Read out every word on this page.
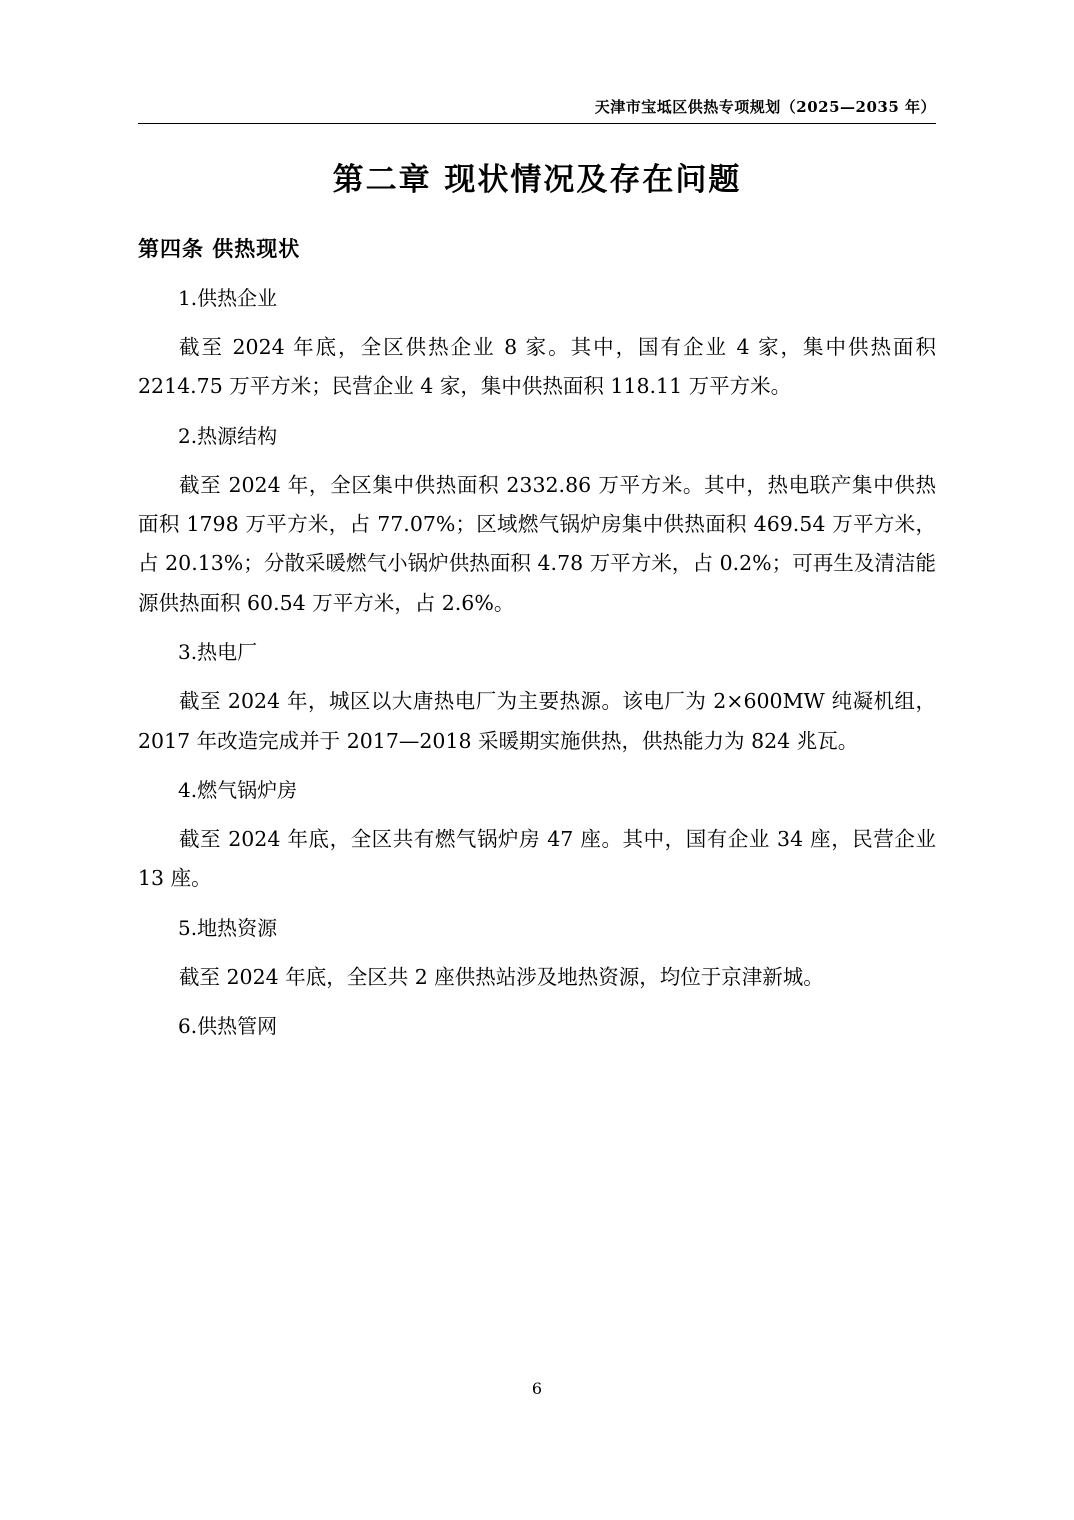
天津市宝坻区供热专项规划（2025—2035 年）
第二章 现状情况及存在问题
第四条 供热现状

1.供热企业

截至 2024 年底，全区供热企业 8 家。其中，国有企业 4 家，集中供热面积 2214.75 万平方米；民营企业 4 家，集中供热面积 118.11 万平方米。

2.热源结构

截至 2024 年，全区集中供热面积 2332.86 万平方米。其中，热电联产集中供热面积 1798 万平方米，占 77.07%；区域燃气锅炉房集中供热面积 469.54 万平方米，占 20.13%；分散采暖燃气小锅炉供热面积 4.78 万平方米，占 0.2%；可再生及清洁能源供热面积 60.54 万平方米，占 2.6%。

3.热电厂

截至 2024 年，城区以大唐热电厂为主要热源。该电厂为 2×600MW 纯凝机组，2017 年改造完成并于 2017—2018 采暖期实施供热，供热能力为 824 兆瓦。

4.燃气锅炉房

截至 2024 年底，全区共有燃气锅炉房 47 座。其中，国有企业 34 座，民营企业 13 座。

5.地热资源

截至 2024 年底，全区共 2 座供热站涉及地热资源，均位于京津新城。

6.供热管网

6
